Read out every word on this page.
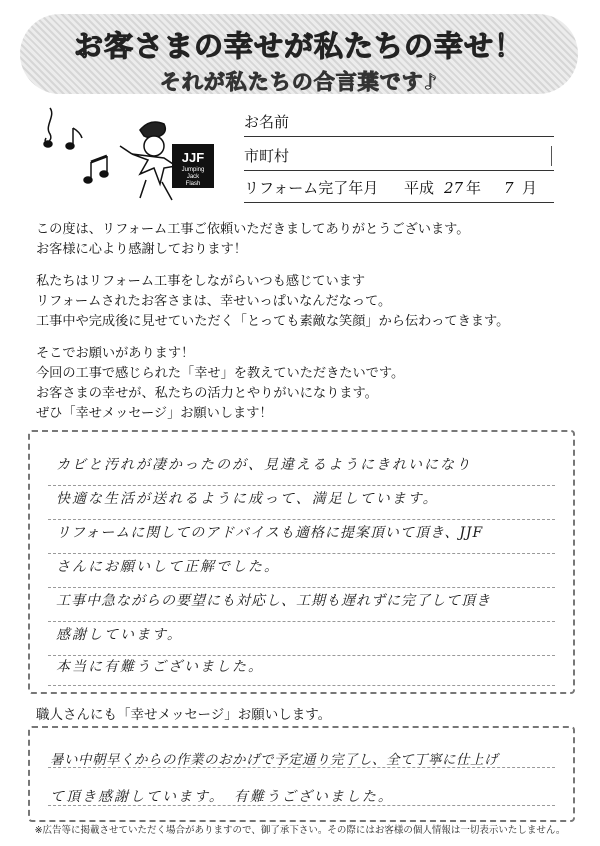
お客さまの幸せが私たちの幸せ！
それが私たちの合言葉です♪
JJF
Jumping
Jack
Flash
お名前
市町村
リフォーム完了年月 平成 27 年 7 月

この度は、リフォーム工事ご依頼いただきましてありがとうございます。
お客様に心より感謝しております！

私たちはリフォーム工事をしながらいつも感じています
リフォームされたお客さまは、幸せいっぱいなんだなって。
工事中や完成後に見せていただく「とっても素敵な笑顔」から伝わってきます。

そこでお願いがあります！
今回の工事で感じられた「幸せ」を教えていただきたいです。
お客さまの幸せが、私たちの活力とやりがいになります。
ぜひ「幸せメッセージ」お願いします！

カビと汚れが凄かったのが、見違えるようにきれいになり
快適な生活が送れるように成って、満足しています。
リフォームに関してのアドバイスも適格に提案頂いて頂き、JJF
さんにお願いして正解でした。
工事中急ながらの要望にも対応し、工期も遅れずに完了して頂き
感謝しています。
本当に有難うございました。
職人さんにも「幸せメッセージ」お願いします。
暑い中朝早くからの作業のおかげで予定通り完了し、全て丁寧に仕上げ
て頂き感謝しています。　有難うございました。
※広告等に掲載させていただく場合がありますので、御了承下さい。その際にはお客様の個人情報は一切表示いたしません。
